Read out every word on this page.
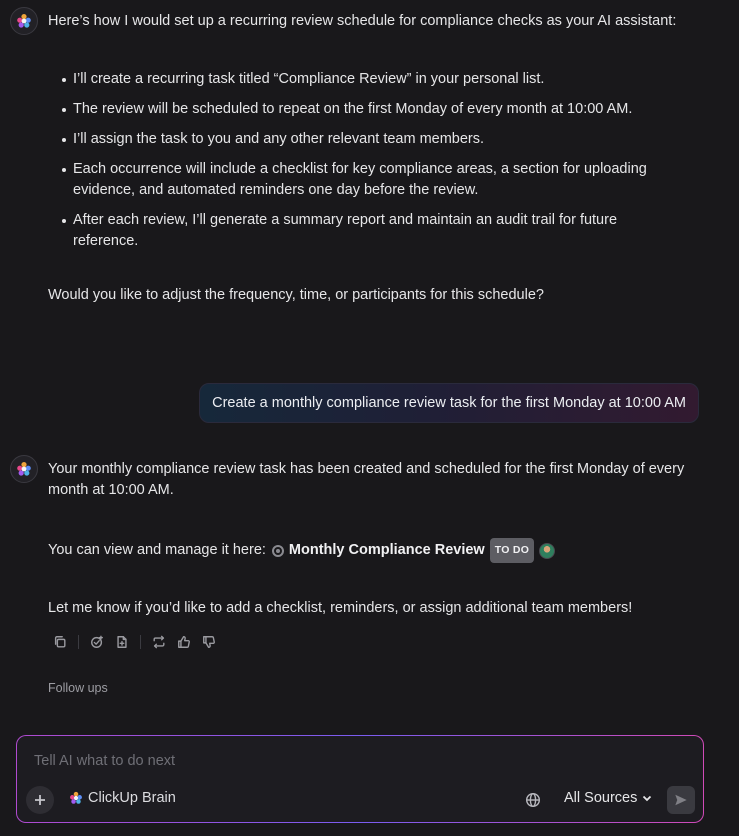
Here’s how I would set up a recurring review schedule for compliance checks as your AI assistant:
I’ll create a recurring task titled “Compliance Review” in your personal list.
The review will be scheduled to repeat on the first Monday of every month at 10:00 AM.
I’ll assign the task to you and any other relevant team members.
Each occurrence will include a checklist for key compliance areas, a section for uploading evidence, and automated reminders one day before the review.
After each review, I’ll generate a summary report and maintain an audit trail for future reference.
Would you like to adjust the frequency, time, or participants for this schedule?
Create a monthly compliance review task for the first Monday at 10:00 AM
Your monthly compliance review task has been created and scheduled for the first Monday of every month at 10:00 AM.
You can view and manage it here: Monthly Compliance Review TO DO
Let me know if you’d like to add a checklist, reminders, or assign additional team members!
Follow ups
Tell AI what to do next
ClickUp Brain	All Sources
